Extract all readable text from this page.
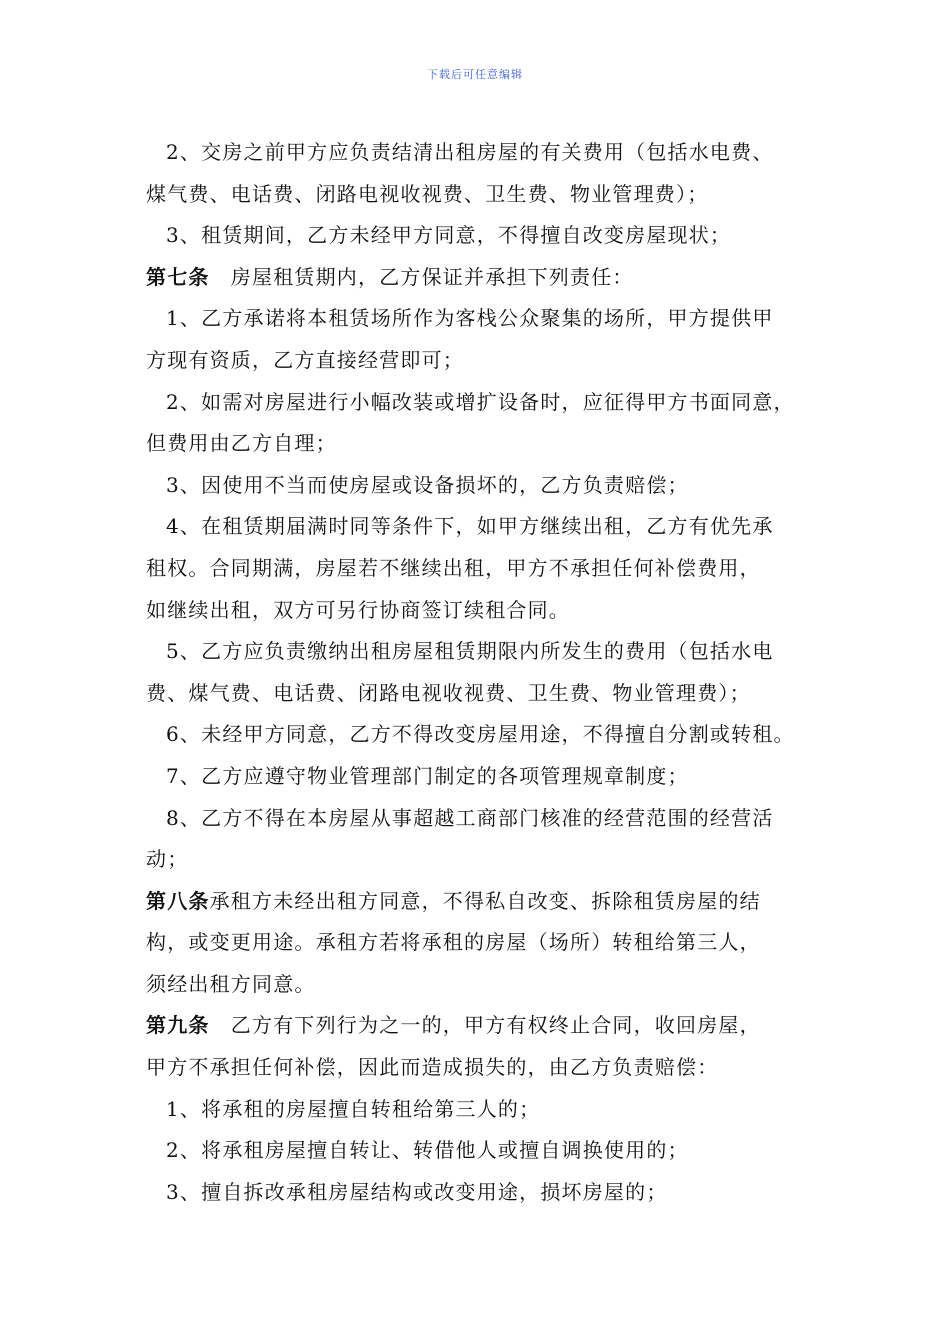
下载后可任意编辑
2、交房之前甲方应负责结清出租房屋的有关费用（包括水电费、
煤气费、电话费、闭路电视收视费、卫生费、物业管理费）；
3、租赁期间，乙方未经甲方同意，不得擅自改变房屋现状；
第七条　房屋租赁期内，乙方保证并承担下列责任：
1、乙方承诺将本租赁场所作为客栈公众聚集的场所，甲方提供甲
方现有资质，乙方直接经营即可；
2、如需对房屋进行小幅改装或增扩设备时，应征得甲方书面同意，
但费用由乙方自理；
3、因使用不当而使房屋或设备损坏的，乙方负责赔偿；
4、在租赁期届满时同等条件下，如甲方继续出租，乙方有优先承
租权。合同期满，房屋若不继续出租，甲方不承担任何补偿费用，
如继续出租，双方可另行协商签订续租合同。
5、乙方应负责缴纳出租房屋租赁期限内所发生的费用（包括水电
费、煤气费、电话费、闭路电视收视费、卫生费、物业管理费）；
6、未经甲方同意，乙方不得改变房屋用途，不得擅自分割或转租。
7、乙方应遵守物业管理部门制定的各项管理规章制度；
8、乙方不得在本房屋从事超越工商部门核准的经营范围的经营活
动；
第八条承租方未经出租方同意，不得私自改变、拆除租赁房屋的结
构，或变更用途。承租方若将承租的房屋（场所）转租给第三人，
须经出租方同意。
第九条　乙方有下列行为之一的，甲方有权终止合同，收回房屋，
甲方不承担任何补偿，因此而造成损失的，由乙方负责赔偿：
1、将承租的房屋擅自转租给第三人的；
2、将承租房屋擅自转让、转借他人或擅自调换使用的；
3、擅自拆改承租房屋结构或改变用途，损坏房屋的；
